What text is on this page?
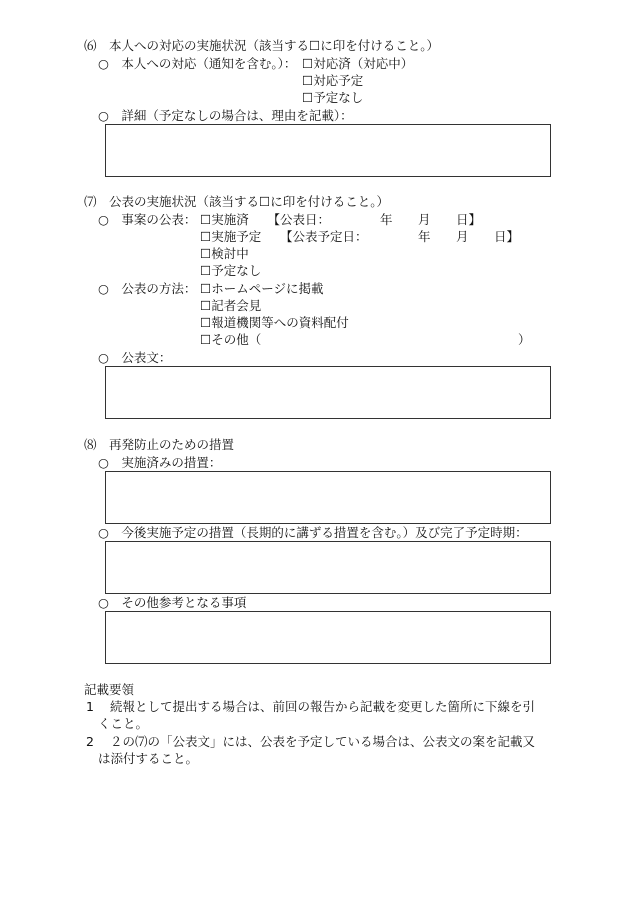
⑹　本人への対応の実施状況（該当する☐に印を付けること。）
○　本人への対応（通知を含む。）： ☐対応済（対応中）
☐対応予定
☐予定なし
○　詳細（予定なしの場合は、理由を記載）：
⑺　公表の実施状況（該当する☐に印を付けること。）
○　事案の公表： ☐実施済　　【公表日：	年 月 日】
☐実施予定　　【公表予定日：	年 月 日】
☐検討中
☐予定なし
○　公表の方法： ☐ホームページに掲載
☐記者会見
☐報道機関等への資料配付
☐その他（	）
○　公表文：
⑻　再発防止のための措置
○　実施済みの措置：
○　今後実施予定の措置（長期的に講ずる措置を含む。）及び完了予定時期：
○　その他参考となる事項
記載要領
1 続報として提出する場合は、前回の報告から記載を変更した箇所に下線を引
くこと。
2 ２の⑺の「公表文」には、公表を予定している場合は、公表文の案を記載又
は添付すること。
